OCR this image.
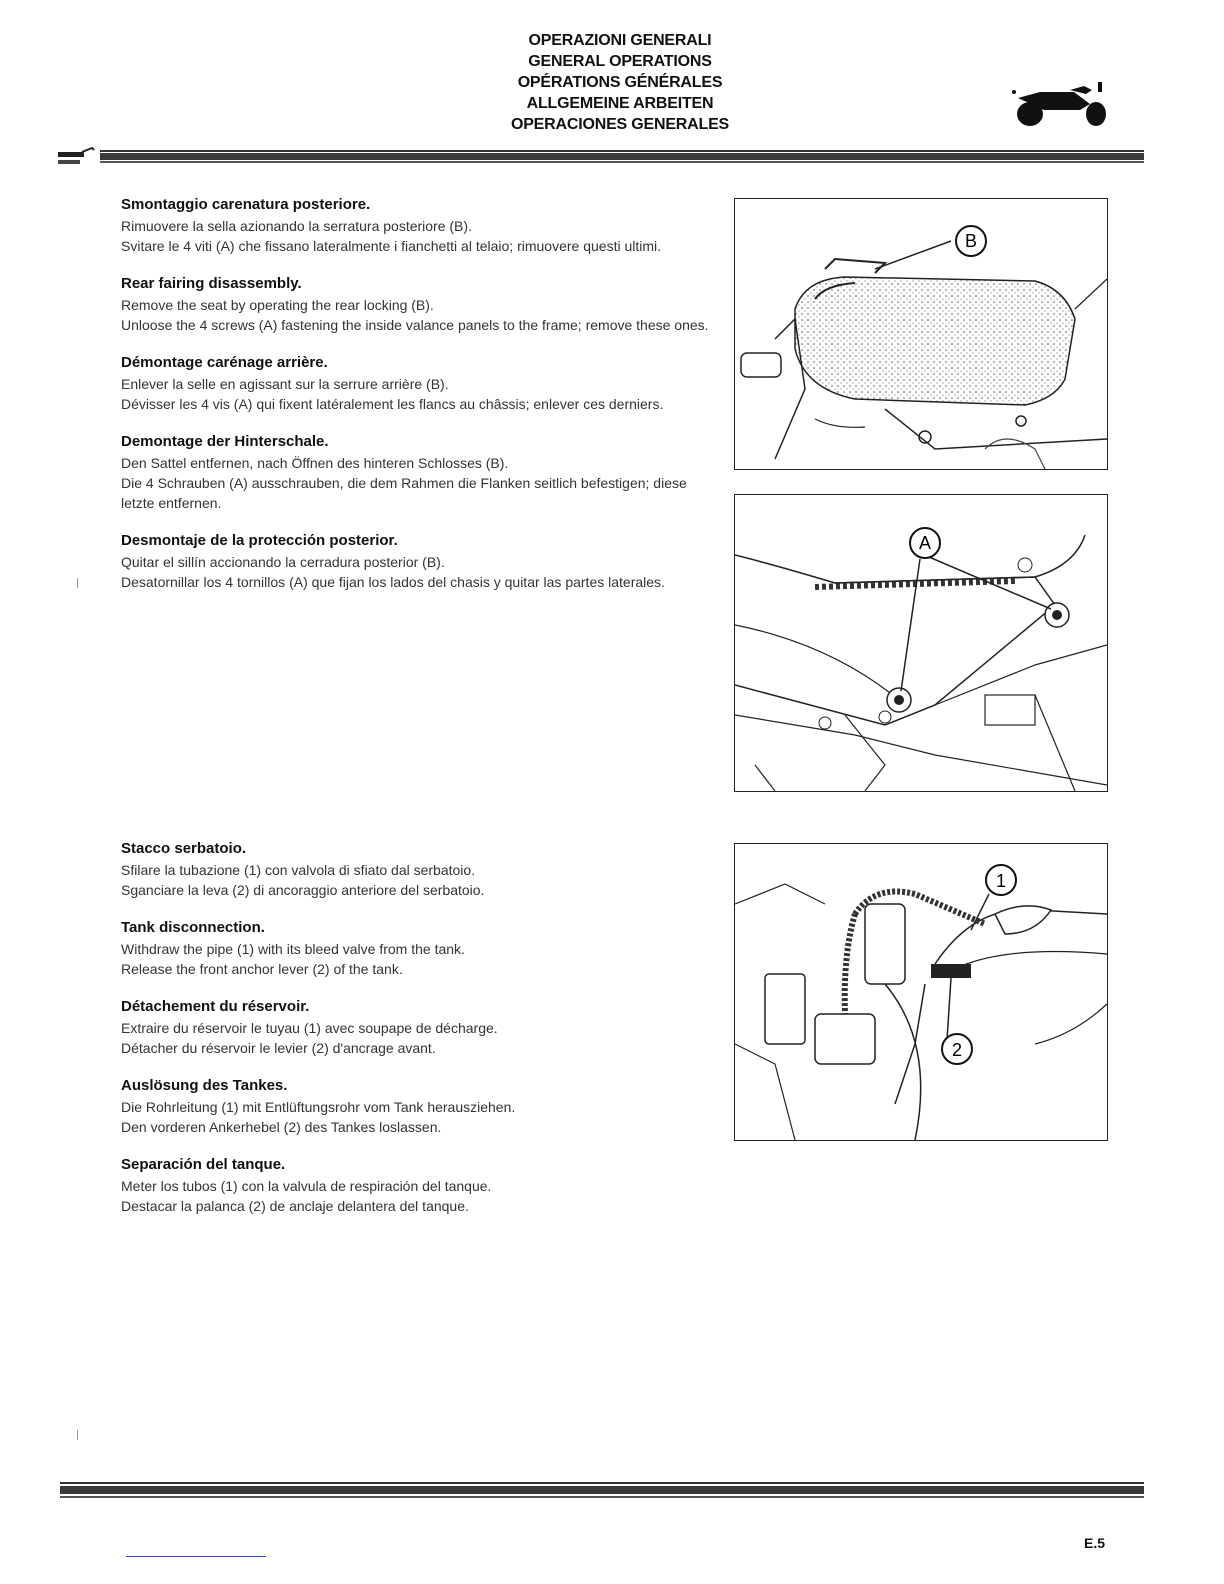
OPERAZIONI GENERALI
GENERAL OPERATIONS
OPÉRATIONS GÉNÉRALES
ALLGEMEINE ARBEITEN
OPERACIONES GENERALES
Smontaggio carenatura posteriore.

Rimuovere la sella azionando la serratura posteriore (B).

Svitare le 4 viti (A) che fissano lateralmente i fianchetti al telaio; rimuovere questi ultimi.

Rear fairing disassembly.

Remove the seat by operating the rear locking (B).

Unloose the 4 screws (A) fastening the inside valance panels to the frame; remove these ones.

Démontage carénage arrière.

Enlever la selle en agissant sur la serrure arrière (B).

Dévisser les 4 vis (A) qui fixent latéralement les flancs au châssis; enlever ces derniers.

Demontage der Hinterschale.

Den Sattel entfernen, nach Öffnen des hinteren Schlosses (B).

Die 4 Schrauben (A) ausschrauben, die dem Rahmen die Flanken seitlich befestigen; diese letzte entfernen.

Desmontaje de la protección posterior.

Quitar el sillín accionando la cerradura posterior (B).

Desatornillar los 4 tornillos (A) que fijan los lados del chasis y quitar las partes laterales.

Stacco serbatoio.

Sfilare la tubazione (1) con valvola di sfiato dal serbatoio.

Sganciare la leva (2) di ancoraggio anteriore del serbatoio.

Tank disconnection.

Withdraw the pipe (1) with its bleed valve from the tank.

Release the front anchor lever (2) of the tank.

Détachement du réservoir.

Extraire du réservoir le tuyau (1) avec soupape de décharge.

Détacher du réservoir le levier (2) d'ancrage avant.

Auslösung des Tankes.

Die Rohrleitung (1) mit Entlüftungsrohr vom Tank herausziehen.

Den vorderen Ankerhebel (2) des Tankes loslassen.

Separación del tanque.

Meter los tubos (1) con la valvula de respiración del tanque.

Destacar la palanca (2) de anclaje delantera del tanque.

B
A
1
2
E.5
